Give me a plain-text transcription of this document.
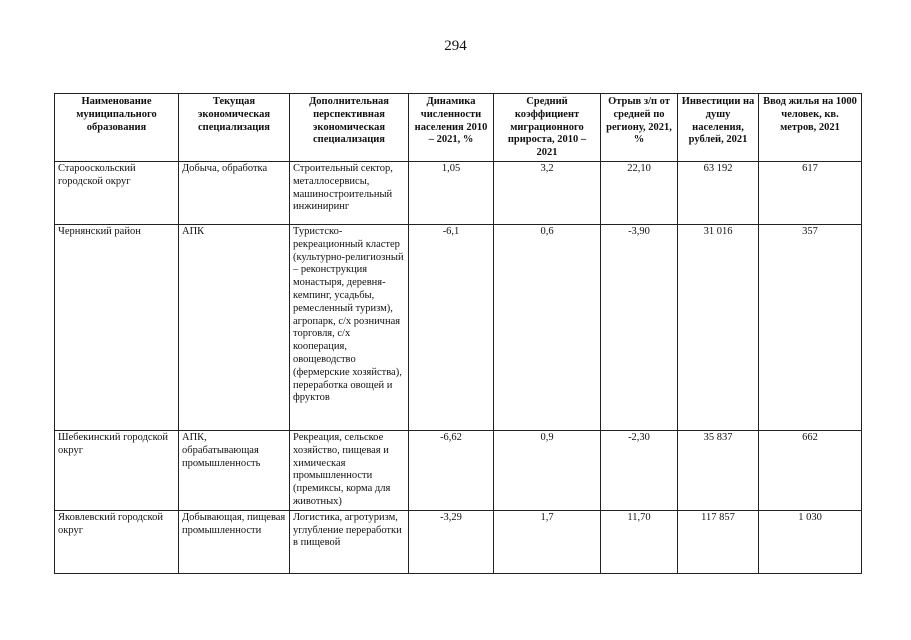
294
Наименование муниципального образования	Текущая экономическая специализация	Дополнительная перспективная экономическая специализация	Динамика численности населения 2010 – 2021, %	Средний коэффициент миграционного прироста, 2010 – 2021	Отрыв з/п от средней по региону, 2021, %	Инвестиции на душу населения, рублей, 2021	Ввод жилья на 1000 человек, кв. метров, 2021
Старооскольский городской округ	Добыча, обработка	Строительный сектор, металлосервисы, машиностроительный инжиниринг	1,05	3,2	22,10	63 192	617
Чернянский район	АПК	Туристско-рекреационный кластер (культурно-религиозный – реконструкция монастыря, деревня-кемпинг, усадьбы, ремесленный туризм), агропарк, с/х розничная торговля, с/х кооперация, овощеводство (фермерские хозяйства), переработка овощей и фруктов	-6,1	0,6	-3,90	31 016	357
Шебекинский городской округ	АПК, обрабатывающая промышленность	Рекреация, сельское хозяйство, пищевая и химическая промышленности (премиксы, корма для животных)	-6,62	0,9	-2,30	35 837	662
Яковлевский городской округ	Добывающая, пищевая промышленности	Логистика, агротуризм, углубление переработки в пищевой	-3,29	1,7	11,70	117 857	1 030
